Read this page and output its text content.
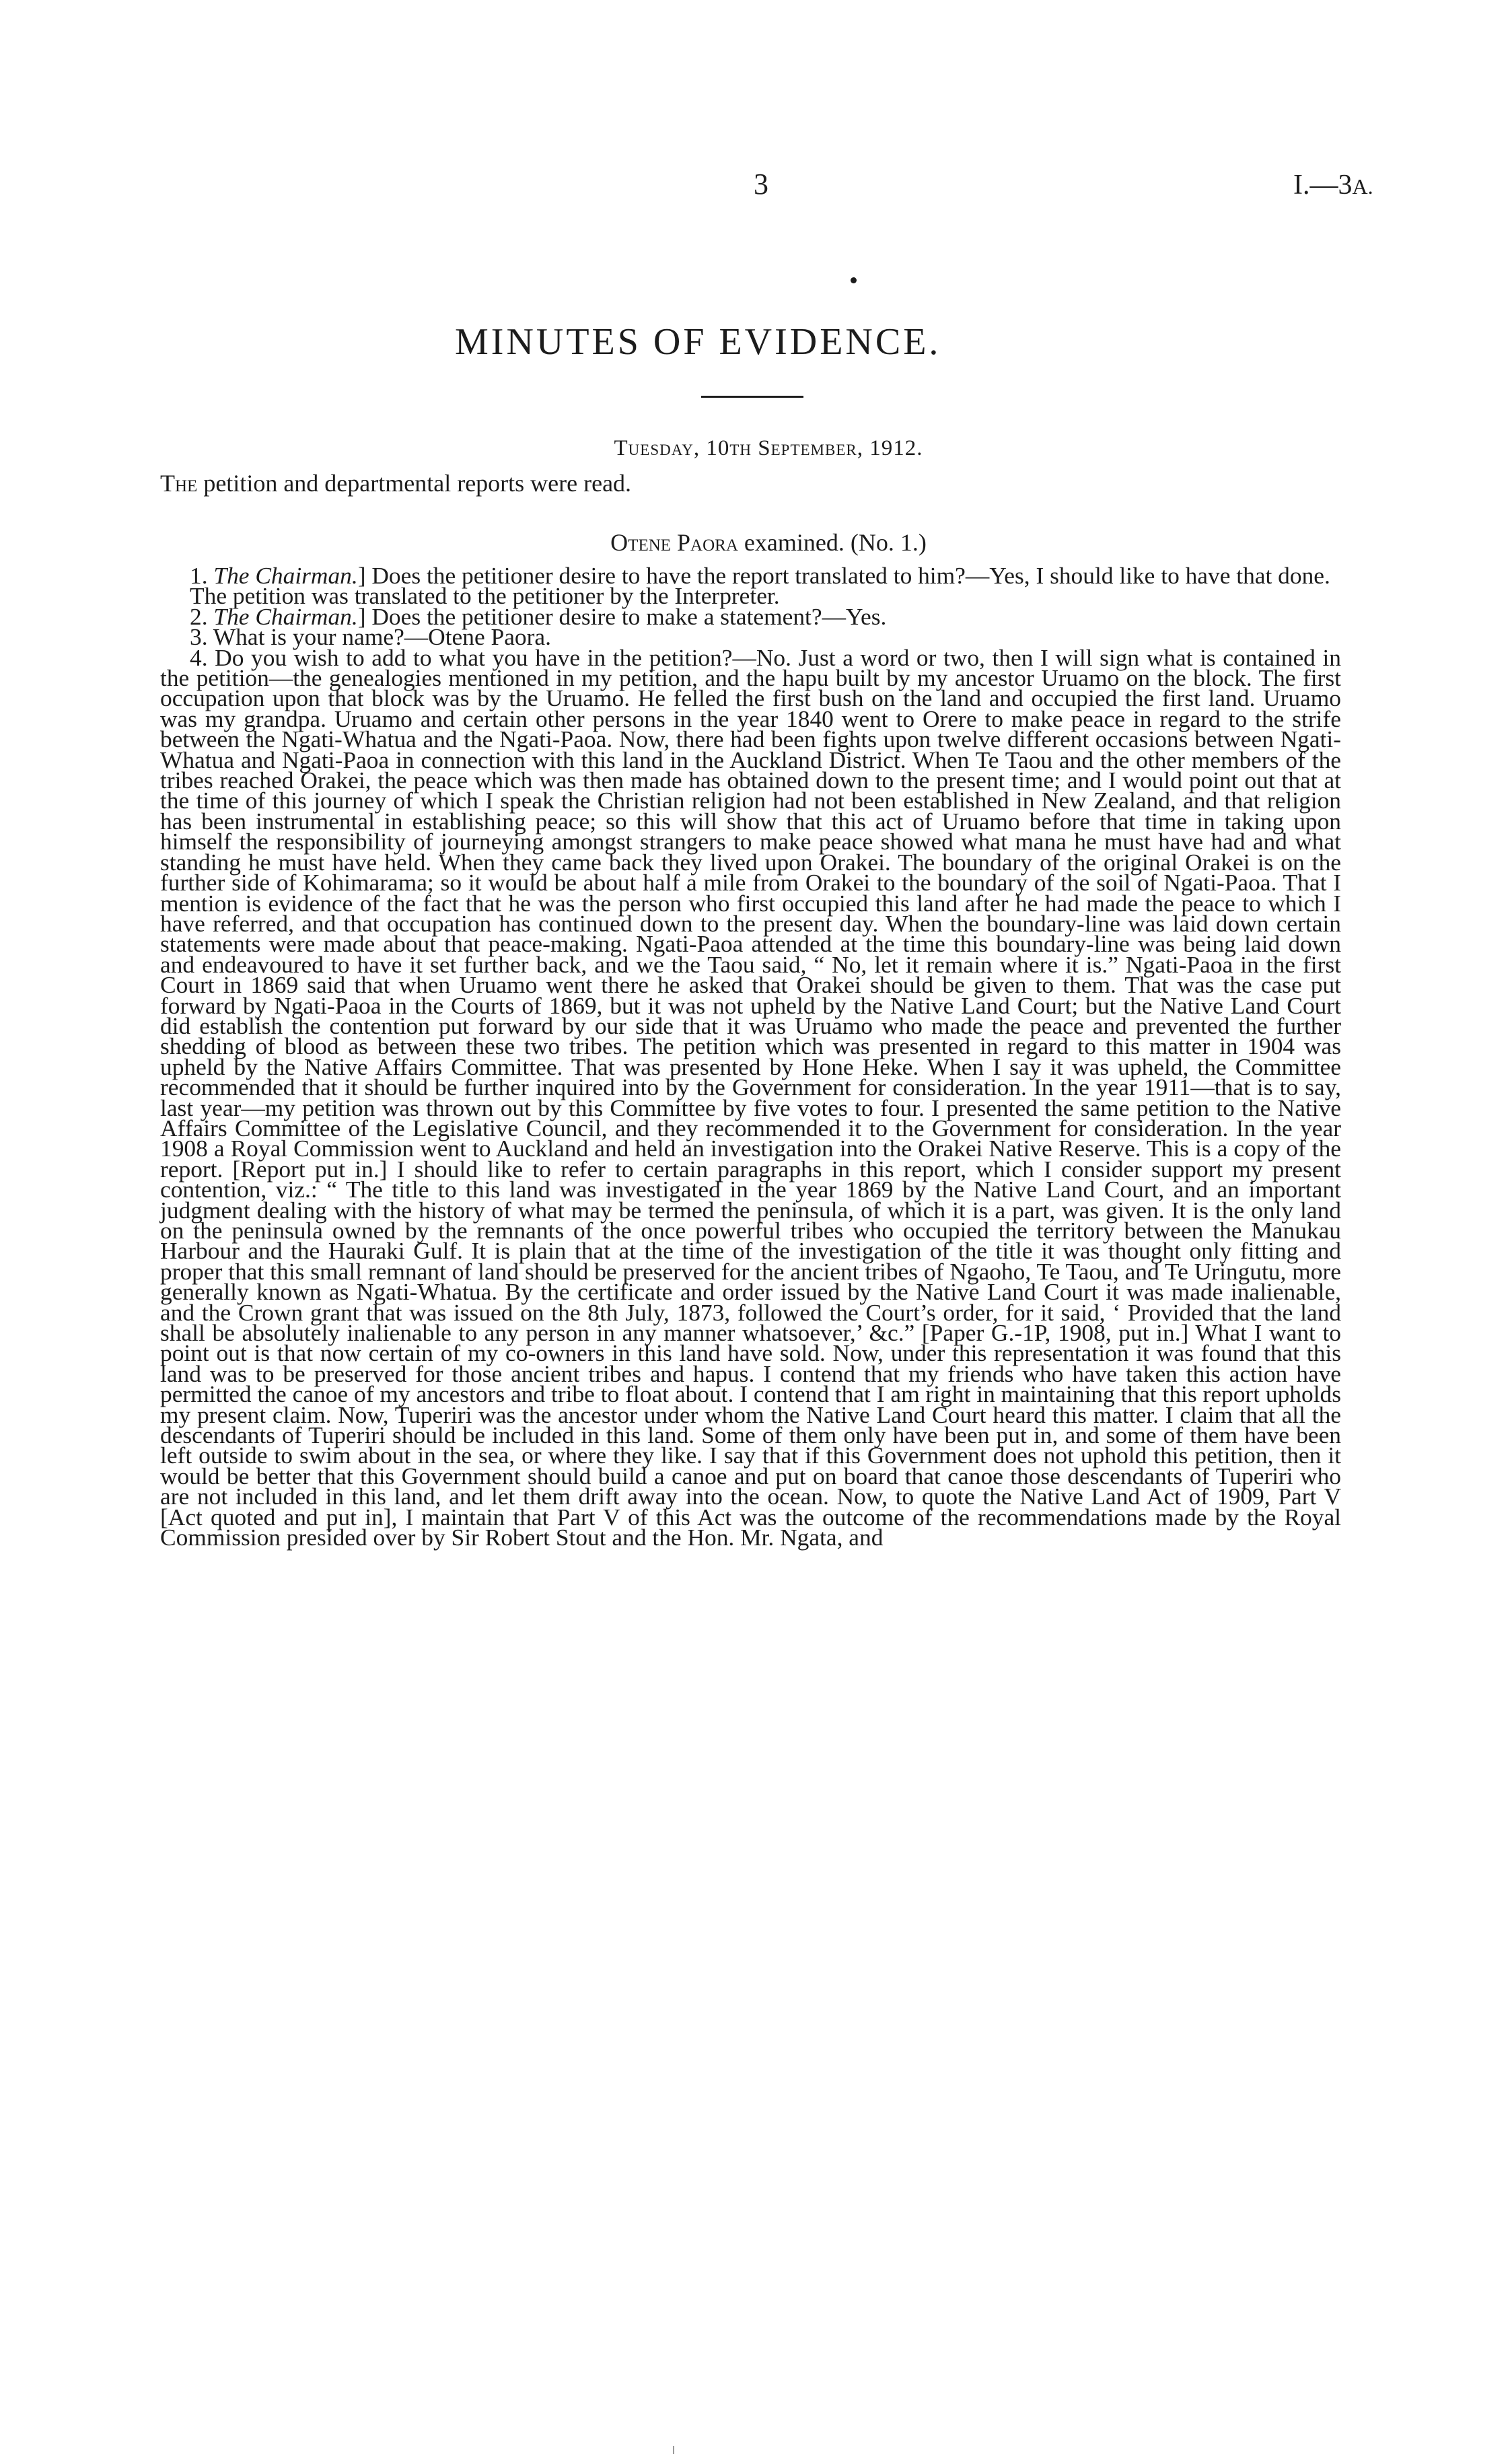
3	I.—3A.
MINUTES OF EVIDENCE.
Tuesday, 10th September, 1912.
The petition and departmental reports were read.
Otene Paora examined. (No. 1.)

1. The Chairman.] Does the petitioner desire to have the report translated to him?—Yes, I should like to have that done.

The petition was translated to the petitioner by the Interpreter.

2. The Chairman.] Does the petitioner desire to make a statement?—Yes.

3. What is your name?—Otene Paora.

4. Do you wish to add to what you have in the petition?—No. Just a word or two, then I will sign what is contained in the petition—the genealogies mentioned in my petition, and the hapu built by my ancestor Uruamo on the block. The first occupation upon that block was by the Uruamo. He felled the first bush on the land and occupied the first land. Uruamo was my grandpa. Uruamo and certain other persons in the year 1840 went to Orere to make peace in regard to the strife between the Ngati-Whatua and the Ngati-Paoa. Now, there had been fights upon twelve different occasions between Ngati-Whatua and Ngati-Paoa in connection with this land in the Auckland District. When Te Taou and the other members of the tribes reached Orakei, the peace which was then made has obtained down to the present time; and I would point out that at the time of this journey of which I speak the Christian religion had not been established in New Zealand, and that religion has been instrumental in establishing peace; so this will show that this act of Uruamo before that time in taking upon himself the responsibility of journeying amongst strangers to make peace showed what mana he must have had and what standing he must have held. When they came back they lived upon Orakei. The boundary of the original Orakei is on the further side of Kohimarama; so it would be about half a mile from Orakei to the boundary of the soil of Ngati-Paoa. That I mention is evidence of the fact that he was the person who first occupied this land after he had made the peace to which I have referred, and that occupation has continued down to the present day. When the boundary-line was laid down certain statements were made about that peace-making. Ngati-Paoa attended at the time this boundary-line was being laid down and endeavoured to have it set further back, and we the Taou said, “ No, let it remain where it is.” Ngati-Paoa in the first Court in 1869 said that when Uruamo went there he asked that Orakei should be given to them. That was the case put forward by Ngati-Paoa in the Courts of 1869, but it was not upheld by the Native Land Court; but the Native Land Court did establish the contention put forward by our side that it was Uruamo who made the peace and prevented the further shedding of blood as between these two tribes. The petition which was presented in regard to this matter in 1904 was upheld by the Native Affairs Committee. That was presented by Hone Heke. When I say it was upheld, the Committee recommended that it should be further inquired into by the Government for consideration. In the year 1911—that is to say, last year—my petition was thrown out by this Committee by five votes to four. I presented the same petition to the Native Affairs Committee of the Legislative Council, and they recommended it to the Government for consideration. In the year 1908 a Royal Commission went to Auckland and held an investigation into the Orakei Native Reserve. This is a copy of the report. [Report put in.] I should like to refer to certain paragraphs in this report, which I consider support my present contention, viz.: “ The title to this land was investigated in the year 1869 by the Native Land Court, and an important judgment dealing with the history of what may be termed the peninsula, of which it is a part, was given. It is the only land on the peninsula owned by the remnants of the once powerful tribes who occupied the territory between the Manukau Harbour and the Hauraki Gulf. It is plain that at the time of the investigation of the title it was thought only fitting and proper that this small remnant of land should be preserved for the ancient tribes of Ngaoho, Te Taou, and Te Uringutu, more generally known as Ngati-Whatua. By the certificate and order issued by the Native Land Court it was made inalienable, and the Crown grant that was issued on the 8th July, 1873, followed the Court’s order, for it said, ‘ Provided that the land shall be absolutely inalienable to any person in any manner whatsoever,’ &c.” [Paper G.-1P, 1908, put in.] What I want to point out is that now certain of my co-owners in this land have sold. Now, under this representation it was found that this land was to be preserved for those ancient tribes and hapus. I contend that my friends who have taken this action have permitted the canoe of my ancestors and tribe to float about. I contend that I am right in maintaining that this report upholds my present claim. Now, Tuperiri was the ancestor under whom the Native Land Court heard this matter. I claim that all the descendants of Tuperiri should be included in this land. Some of them only have been put in, and some of them have been left outside to swim about in the sea, or where they like. I say that if this Government does not uphold this petition, then it would be better that this Government should build a canoe and put on board that canoe those descendants of Tuperiri who are not included in this land, and let them drift away into the ocean. Now, to quote the Native Land Act of 1909, Part V [Act quoted and put in], I maintain that Part V of this Act was the outcome of the recommendations made by the Royal Commission presided over by Sir Robert Stout and the Hon. Mr. Ngata, and
